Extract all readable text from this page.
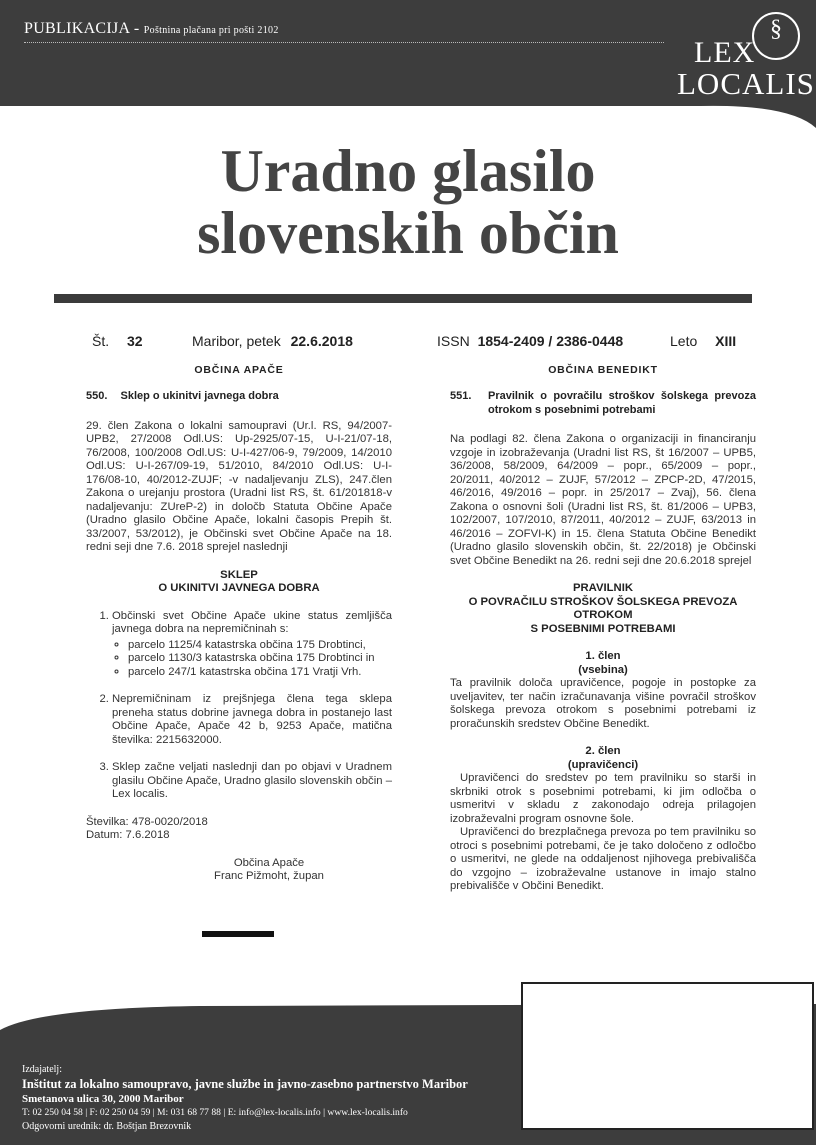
PUBLIKACIJA - Poštnina plačana pri pošti 2102	§
LEX
LOCALIS
Uradno glasilo
slovenskih občin
Št. 32	Maribor, petek 22.6.2018	ISSN 1854-2409 / 2386-0448	Leto XIII
OBČINA APAČE
550. Sklep o ukinitvi javnega dobra
29. člen Zakona o lokalni samoupravi (Ur.l. RS, 94/2007-UPB2, 27/2008 Odl.US: Up-2925/07-15, U-I-21/07-18, 76/2008, 100/2008 Odl.US: U-I-427/06-9, 79/2009, 14/2010 Odl.US: U-I-267/09-19, 51/2010, 84/2010 Odl.US: U-I-176/08-10, 40/2012-ZUJF; -v nadaljevanju ZLS), 247.člen Zakona o urejanju prostora (Uradni list RS, št. 61/201818-v nadaljevanju: ZUreP-2) in določb Statuta Občine Apače (Uradno glasilo Občine Apače, lokalni časopis Prepih št. 33/2007, 53/2012), je Občinski svet Občine Apače na 18. redni seji dne 7.6. 2018 sprejel naslednji
SKLEP
O UKINITVI JAVNEGA DOBRA
1. Občinski svet Občine Apače ukine status zemljišča javnega dobra na nepremičninah s:
◦ parcelo 1125/4 katastrska občina 175 Drobtinci,
◦ parcelo 1130/3 katastrska občina 175 Drobtinci in
◦ parcelo 247/1 katastrska občina 171 Vratji Vrh.
2. Nepremičninam iz prejšnjega člena tega sklepa preneha status dobrine javnega dobra in postanejo last Občine Apače, Apače 42 b, 9253 Apače, matična številka: 2215632000.
3. Sklep začne veljati naslednji dan po objavi v Uradnem glasilu Občine Apače, Uradno glasilo slovenskih občin – Lex localis.
Številka: 478-0020/2018
Datum: 7.6.2018
Občina Apače
Franc Pižmoht, župan
OBČINA BENEDIKT
551.	Pravilnik o povračilu stroškov šolskega prevoza otrokom s posebnimi potrebami
Na podlagi 82. člena Zakona o organizaciji in financiranju vzgoje in izobraževanja (Uradni list RS, št 16/2007 – UPB5, 36/2008, 58/2009, 64/2009 – popr., 65/2009 – popr., 20/2011, 40/2012 – ZUJF, 57/2012 – ZPCP-2D, 47/2015, 46/2016, 49/2016 – popr. in 25/2017 – Zvaj), 56. člena Zakona o osnovni šoli (Uradni list RS, št. 81/2006 – UPB3, 102/2007, 107/2010, 87/2011, 40/2012 – ZUJF, 63/2013 in 46/2016 – ZOFVI-K) in 15. člena Statuta Občine Benedikt (Uradno glasilo slovenskih občin, št. 22/2018) je Občinski svet Občine Benedikt na 26. redni seji dne 20.6.2018 sprejel
PRAVILNIK
O POVRAČILU STROŠKOV ŠOLSKEGA PREVOZA OTROKOM
S POSEBNIMI POTREBAMI
1. člen
(vsebina)
Ta pravilnik določa upravičence, pogoje in postopke za uveljavitev, ter način izračunavanja višine povračil stroškov šolskega prevoza otrokom s posebnimi potrebami iz proračunskih sredstev Občine Benedikt.
2. člen
(upravičenci)
Upravičenci do sredstev po tem pravilniku so starši in skrbniki otrok s posebnimi potrebami, ki jim odločba o usmeritvi v skladu z zakonodajo odreja prilagojen izobraževalni program osnovne šole.
Upravičenci do brezplačnega prevoza po tem pravilniku so otroci s posebnimi potrebami, če je tako določeno z odločbo o usmeritvi, ne glede na oddaljenost njihovega prebivališča do vzgojno – izobraževalne ustanove in imajo stalno prebivališče v Občini Benedikt.
Izdajatelj:
Inštitut za lokalno samoupravo, javne službe in javno-zasebno partnerstvo Maribor
Smetanova ulica 30, 2000 Maribor
T: 02 250 04 58 | F: 02 250 04 59 | M: 031 68 77 88 | E: info@lex-localis.info | www.lex-localis.info
Odgovorni urednik: dr. Boštjan Brezovnik
